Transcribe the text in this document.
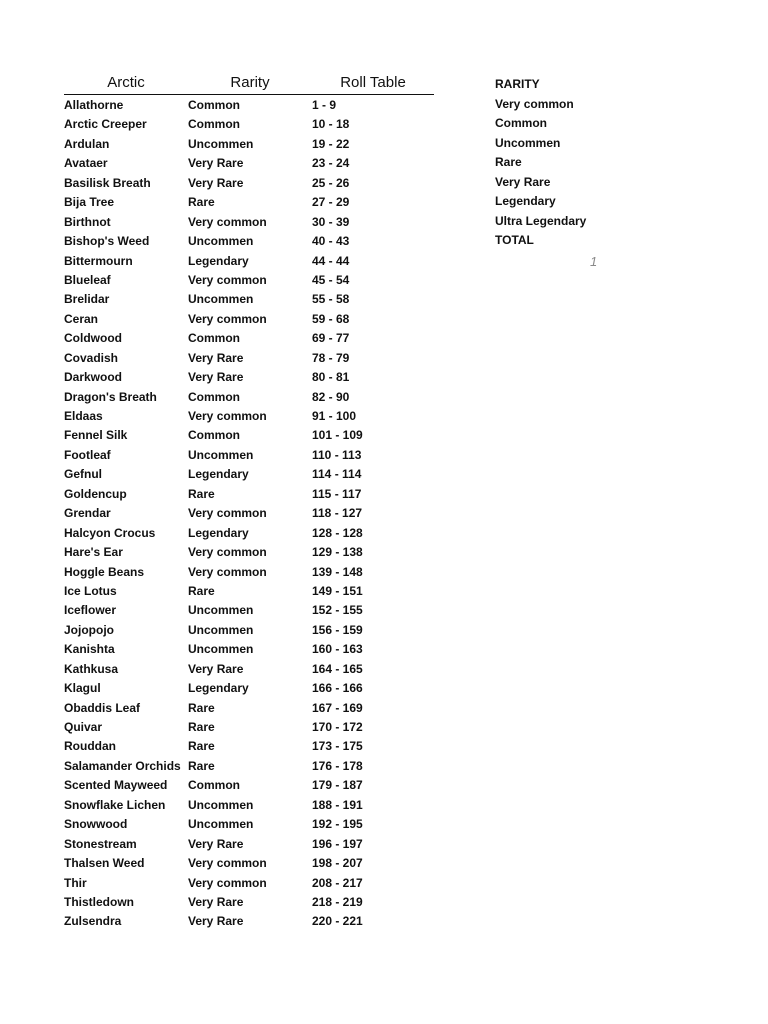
Arctic	Rarity	Roll Table
Allathorne	Common	1 - 9
Arctic Creeper	Common	10 - 18
Ardulan	Uncommen	19 - 22
Avataer	Very Rare	23 - 24
Basilisk Breath	Very Rare	25 - 26
Bija Tree	Rare	27 - 29
Birthnot	Very common	30 - 39
Bishop's Weed	Uncommen	40 - 43
Bittermourn	Legendary	44 - 44
Blueleaf	Very common	45 - 54
Brelidar	Uncommen	55 - 58
Ceran	Very common	59 - 68
Coldwood	Common	69 - 77
Covadish	Very Rare	78 - 79
Darkwood	Very Rare	80 - 81
Dragon's Breath	Common	82 - 90
Eldaas	Very common	91 - 100
Fennel Silk	Common	101 - 109
Footleaf	Uncommen	110 - 113
Gefnul	Legendary	114 - 114
Goldencup	Rare	115 - 117
Grendar	Very common	118 - 127
Halcyon Crocus	Legendary	128 - 128
Hare's Ear	Very common	129 - 138
Hoggle Beans	Very common	139 - 148
Ice Lotus	Rare	149 - 151
Iceflower	Uncommen	152 - 155
Jojopojo	Uncommen	156 - 159
Kanishta	Uncommen	160 - 163
Kathkusa	Very Rare	164 - 165
Klagul	Legendary	166 - 166
Obaddis Leaf	Rare	167 - 169
Quivar	Rare	170 - 172
Rouddan	Rare	173 - 175
Salamander Orchids Rare	176 - 178
Scented Mayweed	Common	179 - 187
Snowflake Lichen	Uncommen	188 - 191
Snowwood	Uncommen	192 - 195
Stonestream	Very Rare	196 - 197
Thalsen Weed	Very common	198 - 207
Thir	Very common	208 - 217
Thistledown	Very Rare	218 - 219
Zulsendra	Very Rare	220 - 221
RARITY
Very common
Common
Uncommen
Rare
Very Rare
Legendary
Ultra Legendary
TOTAL
1
